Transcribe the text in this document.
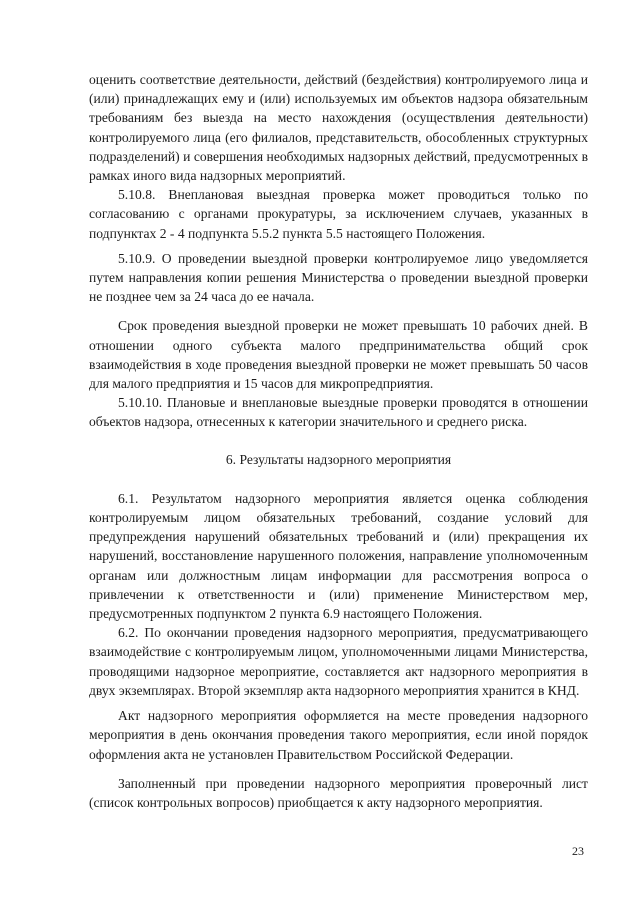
оценить соответствие деятельности, действий (бездействия) контролируемого лица и (или) принадлежащих ему и (или) используемых им объектов надзора обязательным требованиям без выезда на место нахождения (осуществления деятельности) контролируемого лица (его филиалов, представительств, обособленных структурных подразделений) и совершения необходимых надзорных действий, предусмотренных в рамках иного вида надзорных мероприятий.

5.10.8. Внеплановая выездная проверка может проводиться только по согласованию с органами прокуратуры, за исключением случаев, указанных в подпунктах 2 - 4 подпункта 5.5.2 пункта 5.5 настоящего Положения.

5.10.9. О проведении выездной проверки контролируемое лицо уведомляется путем направления копии решения Министерства о проведении выездной проверки не позднее чем за 24 часа до ее начала.

Срок проведения выездной проверки не может превышать 10 рабочих дней. В отношении одного субъекта малого предпринимательства общий срок взаимодействия в ходе проведения выездной проверки не может превышать 50 часов для малого предприятия и 15 часов для микропредприятия.

5.10.10. Плановые и внеплановые выездные проверки проводятся в отношении объектов надзора, отнесенных к категории значительного и среднего риска.

6. Результаты надзорного мероприятия

6.1. Результатом надзорного мероприятия является оценка соблюдения контролируемым лицом обязательных требований, создание условий для предупреждения нарушений обязательных требований и (или) прекращения их нарушений, восстановление нарушенного положения, направление уполномоченным органам или должностным лицам информации для рассмотрения вопроса о привлечении к ответственности и (или) применение Министерством мер, предусмотренных подпунктом 2 пункта 6.9 настоящего Положения.

6.2. По окончании проведения надзорного мероприятия, предусматривающего взаимодействие с контролируемым лицом, уполномоченными лицами Министерства, проводящими надзорное мероприятие, составляется акт надзорного мероприятия в двух экземплярах. Второй экземпляр акта надзорного мероприятия хранится в КНД.

Акт надзорного мероприятия оформляется на месте проведения надзорного мероприятия в день окончания проведения такого мероприятия, если иной порядок оформления акта не установлен Правительством Российской Федерации.

Заполненный при проведении надзорного мероприятия проверочный лист (список контрольных вопросов) приобщается к акту надзорного мероприятия.

23
